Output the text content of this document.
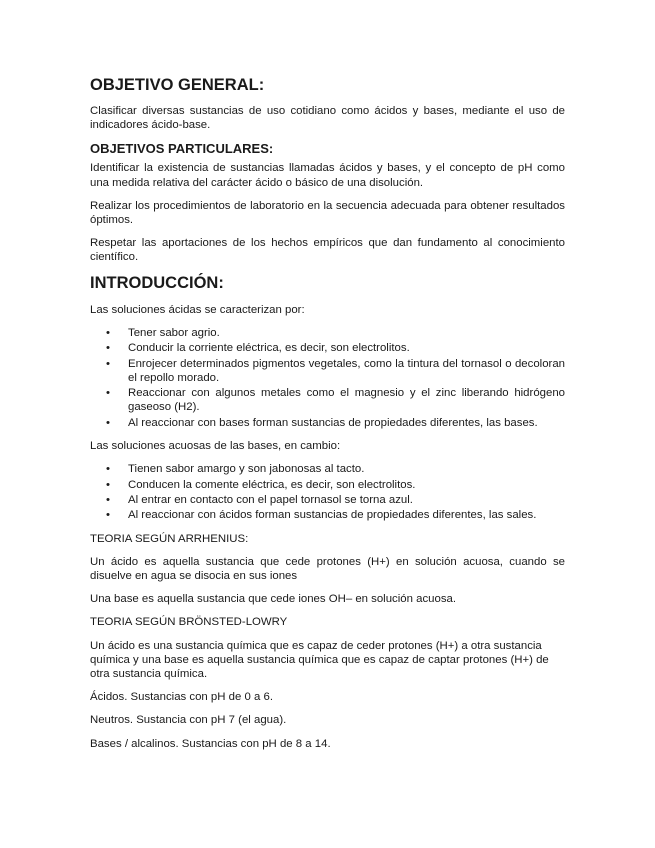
OBJETIVO GENERAL:

Clasificar diversas sustancias de uso cotidiano como ácidos y bases, mediante el uso de indicadores ácido-base.

OBJETIVOS PARTICULARES:

Identificar la existencia de sustancias llamadas ácidos y bases, y el concepto de pH como una medida relativa del carácter ácido o básico de una disolución.

Realizar los procedimientos de laboratorio en la secuencia adecuada para obtener resultados óptimos.

Respetar las aportaciones de los hechos empíricos que dan fundamento al conocimiento científico.

INTRODUCCIÓN:

Las soluciones ácidas se caracterizan por:

• Tener sabor agrio.
• Conducir la corriente eléctrica, es decir, son electrolitos.
• Enrojecer determinados pigmentos vegetales, como la tintura del tornasol o decoloran el repollo morado.
• Reaccionar con algunos metales como el magnesio y el zinc liberando hidrógeno gaseoso (H2).
• Al reaccionar con bases forman sustancias de propiedades diferentes, las bases.

Las soluciones acuosas de las bases, en cambio:

• Tienen sabor amargo y son jabonosas al tacto.
• Conducen la comente eléctrica, es decir, son electrolitos.
• Al entrar en contacto con el papel tornasol se torna azul.
• Al reaccionar con ácidos forman sustancias de propiedades diferentes, las sales.
TEORIA SEGÚN ARRHENIUS:

Un ácido es aquella sustancia que cede protones (H+) en solución acuosa, cuando se disuelve en agua se disocia en sus iones

Una base es aquella sustancia que cede iones OH– en solución acuosa.

TEORIA SEGÚN BRÖNSTED-LOWRY

Un ácido es una sustancia química que es capaz de ceder protones (H+) a otra sustancia química y una base es aquella sustancia química que es capaz de captar protones (H+) de otra sustancia química.

Ácidos. Sustancias con pH de 0 a 6.

Neutros. Sustancia con pH 7 (el agua).

Bases / alcalinos. Sustancias con pH de 8 a 14.
